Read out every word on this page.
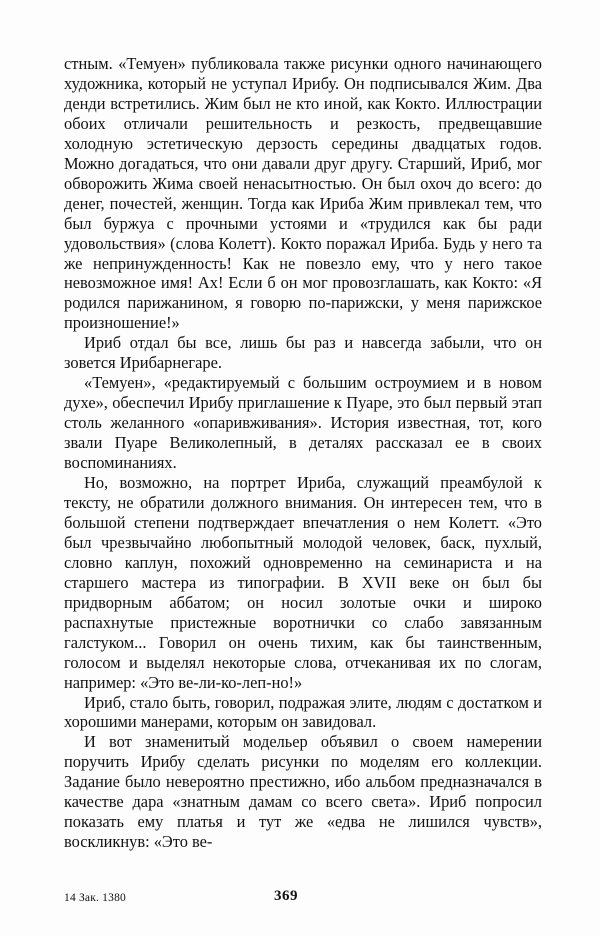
стным. «Темуен» публиковала также рисунки одного начинающего художника, который не уступал Ирибу. Он подписывался Жим. Два денди встретились. Жим был не кто иной, как Кокто. Иллюстрации обоих отличали решительность и резкость, предвещавшие холодную эстетическую дерзость середины двадцатых годов. Можно догадаться, что они давали друг другу. Старший, Ириб, мог обворожить Жима своей ненасытностью. Он был охоч до всего: до денег, почестей, женщин. Тогда как Ириба Жим привлекал тем, что был буржуа с прочными устоями и «трудился как бы ради удовольствия» (слова Колетт). Кокто поражал Ириба. Будь у него та же непринужденность! Как не повезло ему, что у него такое невозможное имя! Ах! Если б он мог провозглашать, как Кокто: «Я родился парижанином, я говорю по-парижски, у меня парижское произношение!»

Ириб отдал бы все, лишь бы раз и навсегда забыли, что он зовется Ирибарнегаре.

«Темуен», «редактируемый с большим остроумием и в новом духе», обеспечил Ирибу приглашение к Пуаре, это был первый этап столь желанного «опаривживания». История известная, тот, кого звали Пуаре Великолепный, в деталях рассказал ее в своих воспоминаниях.

Но, возможно, на портрет Ириба, служащий преамбулой к тексту, не обратили должного внимания. Он интересен тем, что в большой степени подтверждает впечатления о нем Колетт. «Это был чрезвычайно любопытный молодой человек, баск, пухлый, словно каплун, похожий одновременно на семинариста и на старшего мастера из типографии. В XVII веке он был бы придворным аббатом; он носил золотые очки и широко распахнутые пристежные воротнички со слабо завязанным галстуком... Говорил он очень тихим, как бы таинственным, голосом и выделял некоторые слова, отчеканивая их по слогам, например: «Это ве-ли-ко-леп-но!»

Ириб, стало быть, говорил, подражая элите, людям с достатком и хорошими манерами, которым он завидовал.

И вот знаменитый модельер объявил о своем намерении поручить Ирибу сделать рисунки по моделям его коллекции. Задание было невероятно престижно, ибо альбом предназначался в качестве дара «знатным дамам со всего света». Ириб попросил показать ему платья и тут же «едва не лишился чувств», воскликнув: «Это ве-

14 Зак. 1380	369
